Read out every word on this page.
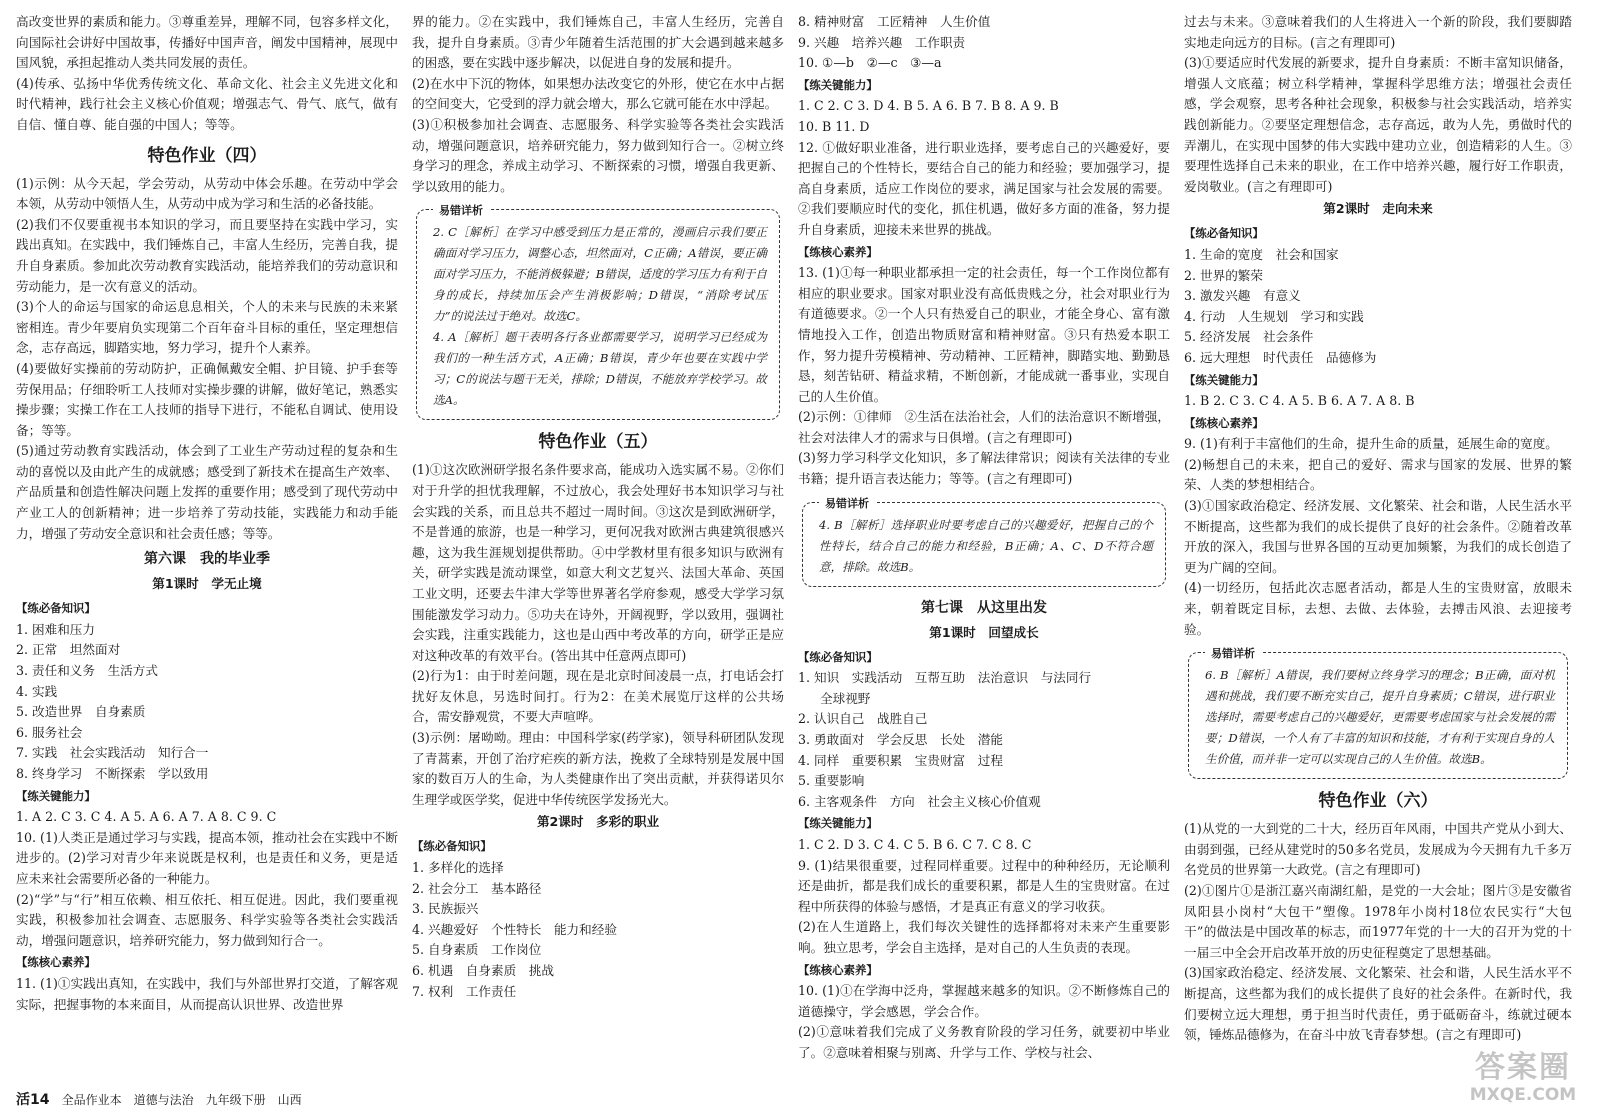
高改变世界的素质和能力。③尊重差异，理解不同，包容多样文化，向国际社会讲好中国故事，传播好中国声音，阐发中国精神，展现中国风貌，承担起推动人类共同发展的责任。

(4)传承、弘扬中华优秀传统文化、革命文化、社会主义先进文化和时代精神，践行社会主义核心价值观；增强志气、骨气、底气，做有自信、懂自尊、能自强的中国人；等等。

特色作业（四）

(1)示例：从今天起，学会劳动，从劳动中体会乐趣。在劳动中学会本领，从劳动中领悟人生，从劳动中成为学习和生活的必备技能。

(2)我们不仅要重视书本知识的学习，而且要坚持在实践中学习，实践出真知。在实践中，我们锤炼自己，丰富人生经历，完善自我，提升自身素质。参加此次劳动教育实践活动，能培养我们的劳动意识和劳动能力，是一次有意义的活动。

(3)个人的命运与国家的命运息息相关，个人的未来与民族的未来紧密相连。青少年要肩负实现第二个百年奋斗目标的重任，坚定理想信念，志存高远，脚踏实地，努力学习，提升个人素养。

(4)要做好实操前的劳动防护，正确佩戴安全帽、护目镜、护手套等劳保用品；仔细聆听工人技师对实操步骤的讲解，做好笔记，熟悉实操步骤；实操工作在工人技师的指导下进行，不能私自调试、使用设备；等等。

(5)通过劳动教育实践活动，体会到了工业生产劳动过程的复杂和生动的喜悦以及由此产生的成就感；感受到了新技术在提高生产效率、产品质量和创造性解决问题上发挥的重要作用；感受到了现代劳动中产业工人的创新精神；进一步培养了劳动技能，实践能力和动手能力，增强了劳动安全意识和社会责任感；等等。

第六课　我的毕业季
第1课时　学无止境
【练必备知识】

1. 困难和压力

2. 正常　坦然面对

3. 责任和义务　生活方式

4. 实践

5. 改造世界　自身素质

6. 服务社会

7. 实践　社会实践活动　知行合一

8. 终身学习　不断探索　学以致用

【练关键能力】

1. A 2. C 3. C 4. A 5. A 6. A 7. A 8. C 9. C

10. (1)人类正是通过学习与实践，提高本领，推动社会在实践中不断进步的。(2)学习对青少年来说既是权利，也是责任和义务，更是适应未来社会需要所必备的一种能力。

(2)“学”与“行”相互依赖、相互依托、相互促进。因此，我们要重视实践，积极参加社会调查、志愿服务、科学实验等各类社会实践活动，增强问题意识，培养研究能力，努力做到知行合一。

【练核心素养】

11. (1)①实践出真知，在实践中，我们与外部世界打交道，了解客观实际，把握事物的本来面目，从而提高认识世界、改造世界

界的能力。②在实践中，我们锤炼自己，丰富人生经历，完善自我，提升自身素质。③青少年随着生活范围的扩大会遇到越来越多的困惑，要在实践中逐步解决，以促进自身的发展和提升。

(2)在水中下沉的物体，如果想办法改变它的外形，使它在水中占据的空间变大，它受到的浮力就会增大，那么它就可能在水中浮起。

(3)①积极参加社会调查、志愿服务、科学实验等各类社会实践活动，增强问题意识，培养研究能力，努力做到知行合一。②树立终身学习的理念，养成主动学习、不断探索的习惯，增强自我更新、学以致用的能力。

易错详析

2. C［解析］在学习中感受到压力是正常的，漫画启示我们要正确面对学习压力，调整心态，坦然面对，C正确；A错误，要正确面对学习压力，不能消极躲避；B错误，适度的学习压力有利于自身的成长，持续加压会产生消极影响；D错误，“消除考试压力”的说法过于绝对。故选C。

4. A［解析］题干表明各行各业都需要学习，说明学习已经成为我们的一种生活方式，A正确；B错误，青少年也要在实践中学习；C的说法与题干无关，排除；D错误，不能放弃学校学习。故选A。

特色作业（五）

(1)①这次欧洲研学报名条件要求高，能成功入选实属不易。②你们对于升学的担忧我理解，不过放心，我会处理好书本知识学习与社会实践的关系，而且总共不超过一周时间。③这次是到欧洲研学，不是普通的旅游，也是一种学习，更何况我对欧洲古典建筑很感兴趣，这为我生涯规划提供帮助。④中学教材里有很多知识与欧洲有关，研学实践是流动课堂，如意大利文艺复兴、法国大革命、英国工业文明，还要去牛津大学等世界著名学府参观，感受大学学习氛围能激发学习动力。⑤功夫在诗外，开阔视野，学以致用，强调社会实践，注重实践能力，这也是山西中考改革的方向，研学正是应对这种改革的有效平台。(答出其中任意两点即可)

(2)行为1：由于时差问题，现在是北京时间凌晨一点，打电话会打扰好友休息，另选时间打。行为2：在美术展览厅这样的公共场合，需安静观赏，不要大声喧哗。

(3)示例：屠呦呦。理由：中国科学家(药学家)，领导科研团队发现了青蒿素，开创了治疗疟疾的新方法，挽救了全球特别是发展中国家的数百万人的生命，为人类健康作出了突出贡献，并获得诺贝尔生理学或医学奖，促进中华传统医学发扬光大。

第2课时　多彩的职业
【练必备知识】

1. 多样化的选择

2. 社会分工　基本路径

3. 民族振兴

4. 兴趣爱好　个性特长　能力和经验

5. 自身素质　工作岗位

6. 机遇　自身素质　挑战

7. 权利　工作责任

8. 精神财富　工匠精神　人生价值

9. 兴趣　培养兴趣　工作职责

10. ①—b　②—c　③—a

【练关键能力】

1. C 2. C 3. D 4. B 5. A 6. B 7. B 8. A 9. B

10. B 11. D

12. ①做好职业准备，进行职业选择，要考虑自己的兴趣爱好，要把握自己的个性特长，要结合自己的能力和经验；要加强学习，提高自身素质，适应工作岗位的要求，满足国家与社会发展的需要。②我们要顺应时代的变化，抓住机遇，做好多方面的准备，努力提升自身素质，迎接未来世界的挑战。

【练核心素养】

13. (1)①每一种职业都承担一定的社会责任，每一个工作岗位都有相应的职业要求。国家对职业没有高低贵贱之分，社会对职业行为有道德要求。②一个人只有热爱自己的职业，才能全身心、富有激情地投入工作，创造出物质财富和精神财富。③只有热爱本职工作，努力提升劳模精神、劳动精神、工匠精神，脚踏实地、勤勤恳恳，刻苦钻研、精益求精，不断创新，才能成就一番事业，实现自己的人生价值。

(2)示例：①律师　②生活在法治社会，人们的法治意识不断增强，社会对法律人才的需求与日俱增。(言之有理即可)

(3)努力学习科学文化知识，多了解法律常识；阅读有关法律的专业书籍；提升语言表达能力；等等。(言之有理即可)

易错详析

4. B［解析］选择职业时要考虑自己的兴趣爱好，把握自己的个性特长，结合自己的能力和经验，B正确；A、C、D不符合题意，排除。故选B。

第七课　从这里出发
第1课时　回望成长
【练必备知识】

1. 知识　实践活动　互帮互助　法治意识　与法同行

全球视野

2. 认识自己　战胜自己

3. 勇敢面对　学会反思　长处　潜能

4. 同样　重要积累　宝贵财富　过程

5. 重要影响

6. 主客观条件　方向　社会主义核心价值观

【练关键能力】

1. C 2. D 3. C 4. C 5. B 6. C 7. C 8. C

9. (1)结果很重要，过程同样重要。过程中的种种经历，无论顺利还是曲折，都是我们成长的重要积累，都是人生的宝贵财富。在过程中所获得的体验与感悟，才是真正有意义的学习收获。

(2)在人生道路上，我们每次关键性的选择都将对未来产生重要影响。独立思考，学会自主选择，是对自己的人生负责的表现。

【练核心素养】

10. (1)①在学海中泛舟，掌握越来越多的知识。②不断修炼自己的道德操守，学会感恩，学会合作。

(2)①意味着我们完成了义务教育阶段的学习任务，就要初中毕业了。②意味着相聚与别离、升学与工作、学校与社会、

过去与未来。③意味着我们的人生将进入一个新的阶段，我们要脚踏实地走向远方的目标。(言之有理即可)

(3)①要适应时代发展的新要求，提升自身素质：不断丰富知识储备，增强人文底蕴；树立科学精神，掌握科学思维方法；增强社会责任感，学会观察，思考各种社会现象，积极参与社会实践活动，培养实践创新能力。②要坚定理想信念，志存高远，敢为人先，勇做时代的弄潮儿，在实现中国梦的伟大实践中建功立业，创造精彩的人生。③要理性选择自己未来的职业，在工作中培养兴趣，履行好工作职责，爱岗敬业。(言之有理即可)

第2课时　走向未来
【练必备知识】

1. 生命的宽度　社会和国家

2. 世界的繁荣

3. 激发兴趣　有意义

4. 行动　人生规划　学习和实践

5. 经济发展　社会条件

6. 远大理想　时代责任　品德修为

【练关键能力】

1. B 2. C 3. C 4. A 5. B 6. A 7. A 8. B

【练核心素养】

9. (1)有利于丰富他们的生命，提升生命的质量，延展生命的宽度。

(2)畅想自己的未来，把自己的爱好、需求与国家的发展、世界的繁荣、人类的梦想相结合。

(3)①国家政治稳定、经济发展、文化繁荣、社会和谐，人民生活水平不断提高，这些都为我们的成长提供了良好的社会条件。②随着改革开放的深入，我国与世界各国的互动更加频繁，为我们的成长创造了更为广阔的空间。

(4)一切经历，包括此次志愿者活动，都是人生的宝贵财富，放眼未来，朝着既定目标，去想、去做、去体验，去搏击风浪、去迎接考验。

易错详析

6. B［解析］A错误，我们要树立终身学习的理念；B正确，面对机遇和挑战，我们要不断充实自己，提升自身素质；C错误，进行职业选择时，需要考虑自己的兴趣爱好，更需要考虑国家与社会发展的需要；D错误，一个人有了丰富的知识和技能，才有利于实现自身的人生价值，而并非一定可以实现自己的人生价值。故选B。

特色作业（六）

(1)从党的一大到党的二十大，经历百年风雨，中国共产党从小到大、由弱到强，已经从建党时的50多名党员，发展成为今天拥有九千多万名党员的世界第一大政党。(言之有理即可)

(2)①图片①是浙江嘉兴南湖红船，是党的一大会址；图片③是安徽省凤阳县小岗村“大包干”塑像。1978年小岗村18位农民实行“大包干”的做法是中国改革的标志，而1977年党的十一大的召开为党的十一届三中全会开启改革开放的历史征程奠定了思想基础。

(3)国家政治稳定、经济发展、文化繁荣、社会和谐，人民生活水平不断提高，这些都为我们的成长提供了良好的社会条件。在新时代，我们要树立远大理想，勇于担当时代责任，勇于砥砺奋斗，练就过硬本领，锤炼品德修为，在奋斗中放飞青春梦想。(言之有理即可)

活14 全品作业本　道德与法治　九年级下册　山西
答案圈
MXQE.COM
